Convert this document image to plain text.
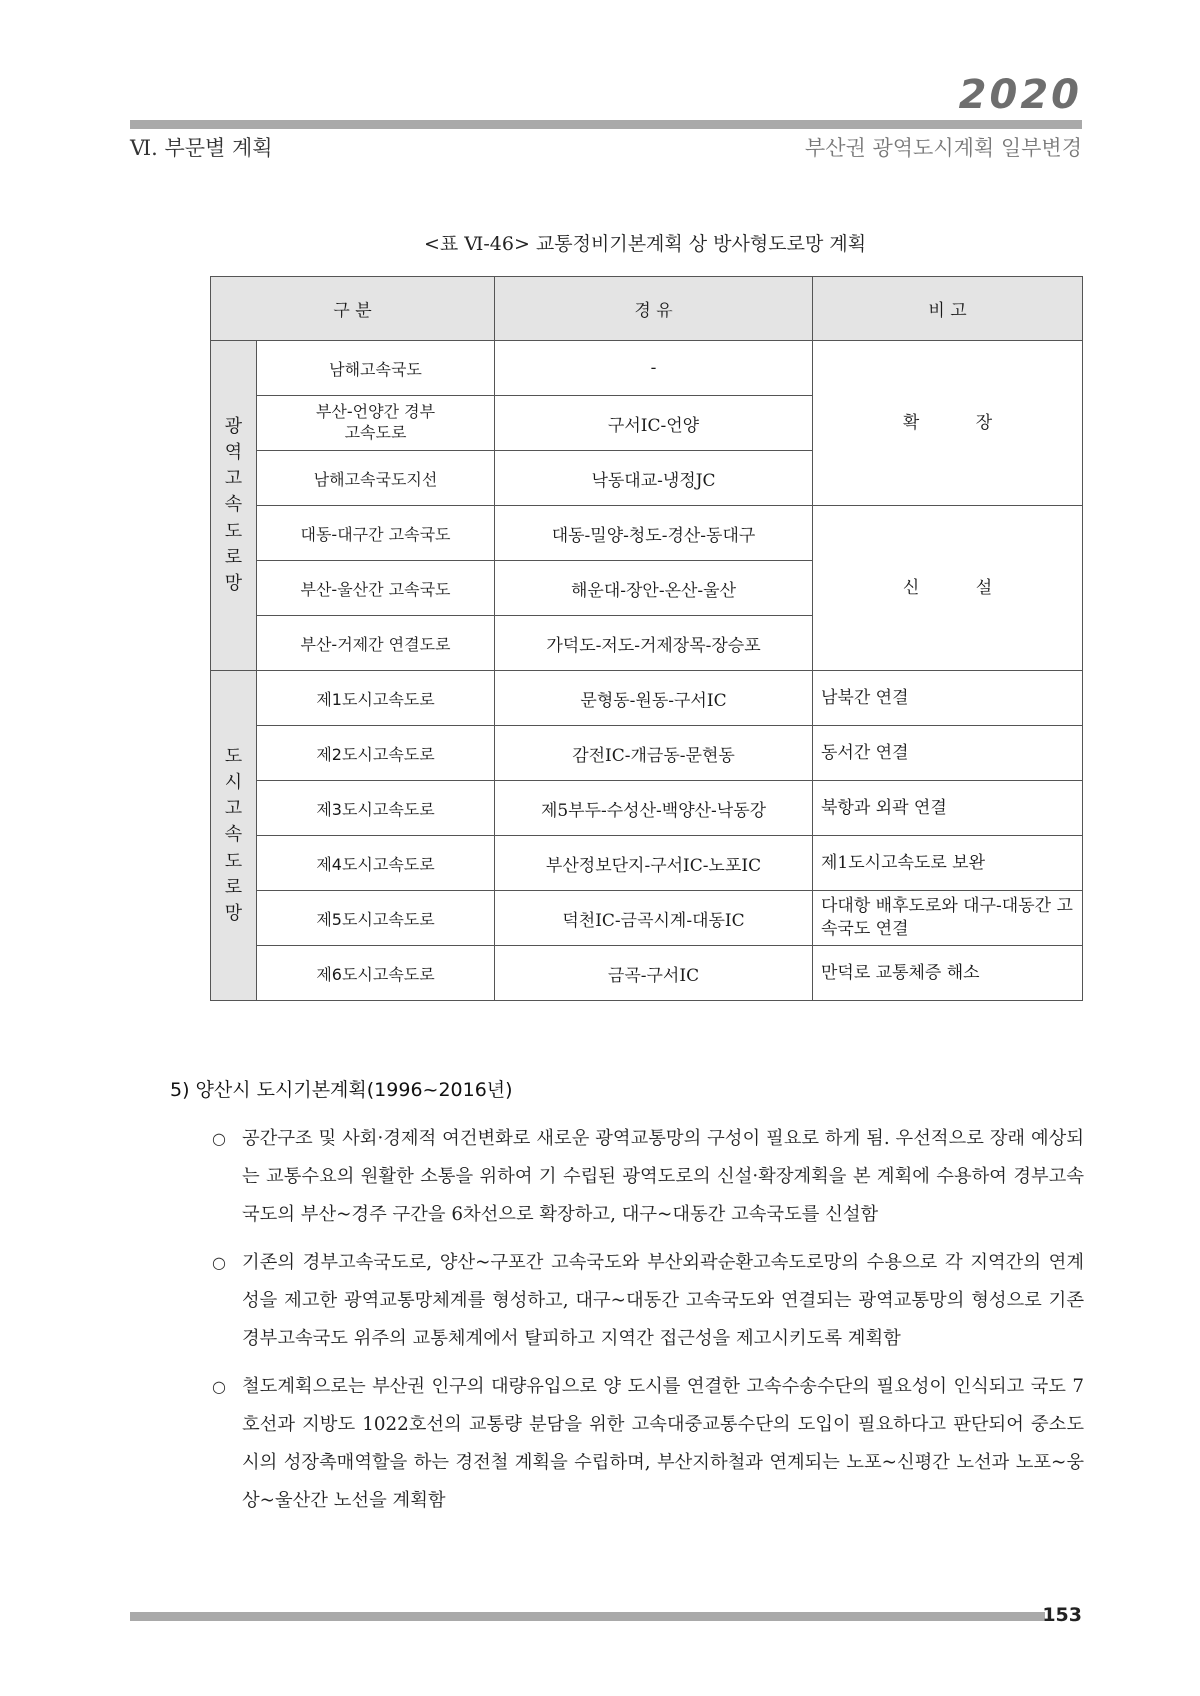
2020
Ⅵ. 부문별 계획	부산권 광역도시계획 일부변경
<표 Ⅵ-46> 교통정비기본계획 상 방사형도로망 계획
구 분		경 유	비 고
광역고속도로망	남해고속국도	-	확 장
	부산-언양간 경부고속도로	구서IC-언양	
	남해고속국도지선	낙동대교-냉정JC	
	대동-대구간 고속국도	대동-밀양-청도-경산-동대구	신 설
	부산-울산간 고속국도	해운대-장안-온산-울산	
	부산-거제간 연결도로	가덕도-저도-거제장목-장승포	
도시고속도로망	제1도시고속도로	문형동-원동-구서IC	남북간 연결
	제2도시고속도로	감전IC-개금동-문현동	동서간 연결
	제3도시고속도로	제5부두-수성산-백양산-낙동강	북항과 외곽 연결
	제4도시고속도로	부산정보단지-구서IC-노포IC	제1도시고속도로 보완
	제5도시고속도로	덕천IC-금곡시계-대동IC	다대항 배후도로와 대구-대동간 고속국도 연결
	제6도시고속도로	금곡-구서IC	만덕로 교통체증 해소
5) 양산시 도시기본계획(1996~2016년)
○ 공간구조 및 사회·경제적 여건변화로 새로운 광역교통망의 구성이 필요로 하게 됨. 우선적으로 장래 예상되는 교통수요의 원활한 소통을 위하여 기 수립된 광역도로의 신설·확장계획을 본 계획에 수용하여 경부고속국도의 부산~경주 구간을 6차선으로 확장하고, 대구~대동간 고속국도를 신설함
○ 기존의 경부고속국도로, 양산~구포간 고속국도와 부산외곽순환고속도로망의 수용으로 각 지역간의 연계성을 제고한 광역교통망체계를 형성하고, 대구~대동간 고속국도와 연결되는 광역교통망의 형성으로 기존 경부고속국도 위주의 교통체계에서 탈피하고 지역간 접근성을 제고시키도록 계획함
○ 철도계획으로는 부산권 인구의 대량유입으로 양 도시를 연결한 고속수송수단의 필요성이 인식되고 국도 7호선과 지방도 1022호선의 교통량 분담을 위한 고속대중교통수단의 도입이 필요하다고 판단되어 중소도시의 성장촉매역할을 하는 경전철 계획을 수립하며, 부산지하철과 연계되는 노포~신평간 노선과 노포~웅상~울산간 노선을 계획함
153
